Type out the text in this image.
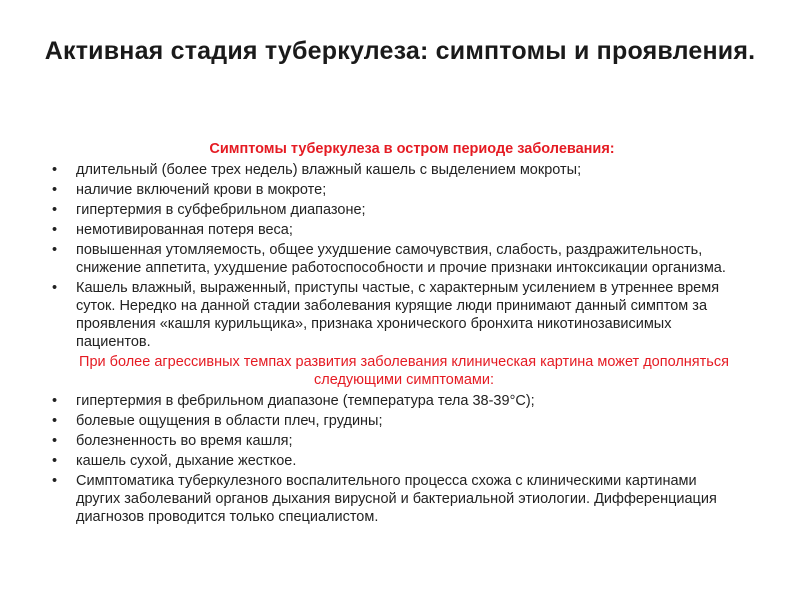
Активная стадия туберкулеза: симптомы и проявления.
Симптомы туберкулеза в остром периоде заболевания:
• длительный (более трех недель) влажный кашель с выделением мокроты;
• наличие включений крови в мокроте;
• гипертермия в субфебрильном диапазоне;
• немотивированная потеря веса;
• повышенная утомляемость, общее ухудшение самочувствия, слабость, раздражительность, снижение аппетита, ухудшение работоспособности и прочие признаки интоксикации организма.
• Кашель влажный, выраженный, приступы частые, с характерным усилением в утреннее время суток. Нередко на данной стадии заболевания курящие люди принимают данный симптом за проявления «кашля курильщика», признака хронического бронхита никотинозависимых пациентов.
При более агрессивных темпах развития заболевания клиническая картина может дополняться следующими симптомами:
• гипертермия в фебрильном диапазоне (температура тела 38-39°С);
• болевые ощущения в области плеч, грудины;
• болезненность во время кашля;
• кашель сухой, дыхание жесткое.
• Симптоматика туберкулезного воспалительного процесса схожа с клиническими картинами других заболеваний органов дыхания вирусной и бактериальной этиологии. Дифференциация диагнозов проводится только специалистом.
